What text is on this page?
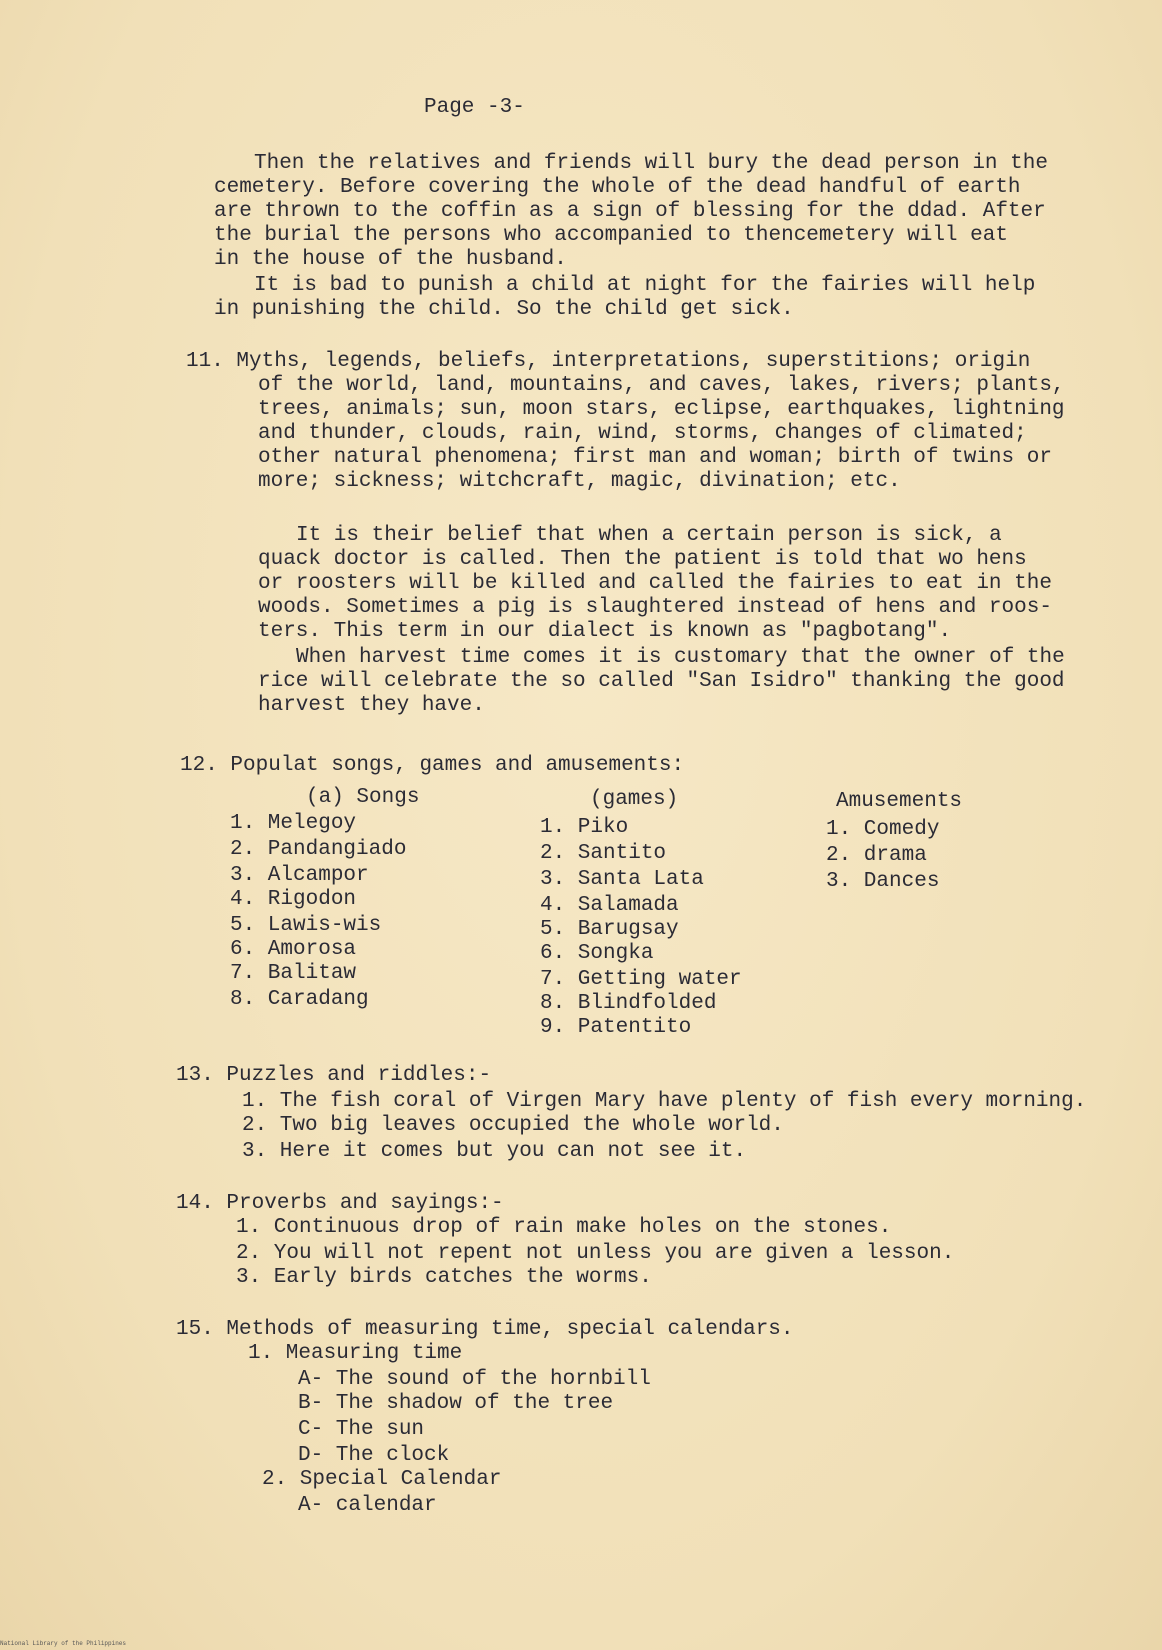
Page -3-
Then the relatives and friends will bury the dead person in the
cemetery. Before covering the whole of the dead handful of earth
are thrown to the coffin as a sign of blessing for the ddad. After
the burial the persons who accompanied to thencemetery will eat
in the house of the husband.
It is bad to punish a child at night for the fairies will help
in punishing the child. So the child get sick.
11. Myths, legends, beliefs, interpretations, superstitions; origin
of the world, land, mountains, and caves, lakes, rivers; plants,
trees, animals; sun, moon stars, eclipse, earthquakes, lightning
and thunder, clouds, rain, wind, storms, changes of climated;
other natural phenomena; first man and woman; birth of twins or
more; sickness; witchcraft, magic, divination; etc.
It is their belief that when a certain person is sick, a
quack doctor is called. Then the patient is told that wo hens
or roosters will be killed and called the fairies to eat in the
woods. Sometimes a pig is slaughtered instead of hens and roos-
ters. This term in our dialect is known as "pagbotang".
When harvest time comes it is customary that the owner of the
rice will celebrate the so called "San Isidro" thanking the good
harvest they have.
12. Populat songs, games and amusements:
(a) Songs	(games)	Amusements
1. Melegoy
2. Pandangiado
3. Alcampor
4. Rigodon
5. Lawis-wis
6. Amorosa
7. Balitaw
8. Caradang
1. Piko
2. Santito
3. Santa Lata
4. Salamada
5. Barugsay
6. Songka
7. Getting water
8. Blindfolded
9. Patentito
1. Comedy
2. drama
3. Dances
13. Puzzles and riddles:-
1. The fish coral of Virgen Mary have plenty of fish every morning.
2. Two big leaves occupied the whole world.
3. Here it comes but you can not see it.
14. Proverbs and sayings:-
1. Continuous drop of rain make holes on the stones.
2. You will not repent not unless you are given a lesson.
3. Early birds catches the worms.
15. Methods of measuring time, special calendars.
1. Measuring time
A- The sound of the hornbill
B- The shadow of the tree
C- The sun
D- The clock
2. Special Calendar
A- calendar
National Library of the Philippines
